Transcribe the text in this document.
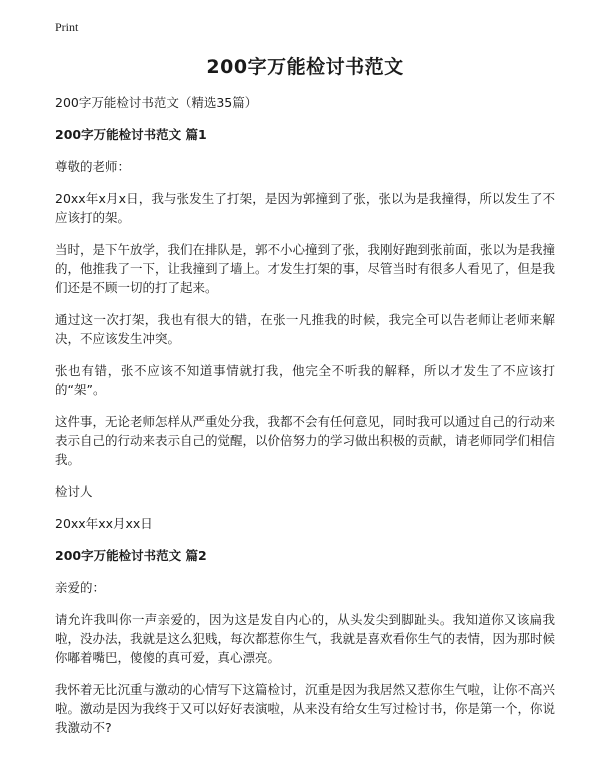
Print
200字万能检讨书范文
200字万能检讨书范文（精选35篇）
200字万能检讨书范文 篇1

尊敬的老师：

20xx年x月x日，我与张发生了打架，是因为郭撞到了张，张以为是我撞得，所以发生了不应该打的架。

当时，是下午放学，我们在排队是，郭不小心撞到了张，我刚好跑到张前面，张以为是我撞的，他推我了一下，让我撞到了墙上。才发生打架的事，尽管当时有很多人看见了，但是我们还是不顾一切的打了起来。

通过这一次打架，我也有很大的错，在张一凡推我的时候，我完全可以告老师让老师来解决，不应该发生冲突。

张也有错，张不应该不知道事情就打我，他完全不听我的解释，所以才发生了不应该打的“架”。

这件事，无论老师怎样从严重处分我，我都不会有任何意见，同时我可以通过自己的行动来表示自己的行动来表示自己的觉醒，以价倍努力的学习做出积极的贡献，请老师同学们相信我。

检讨人

20xx年xx月xx日

200字万能检讨书范文 篇2

亲爱的：

请允许我叫你一声亲爱的，因为这是发自内心的，从头发尖到脚趾头。我知道你又该扁我啦，没办法，我就是这么犯贱，每次都惹你生气，我就是喜欢看你生气的表情，因为那时候你嘟着嘴巴，傻傻的真可爱，真心漂亮。

我怀着无比沉重与激动的心情写下这篇检讨，沉重是因为我居然又惹你生气啦，让你不高兴啦。激动是因为我终于又可以好好表演啦，从来没有给女生写过检讨书，你是第一个，你说我激动不?
